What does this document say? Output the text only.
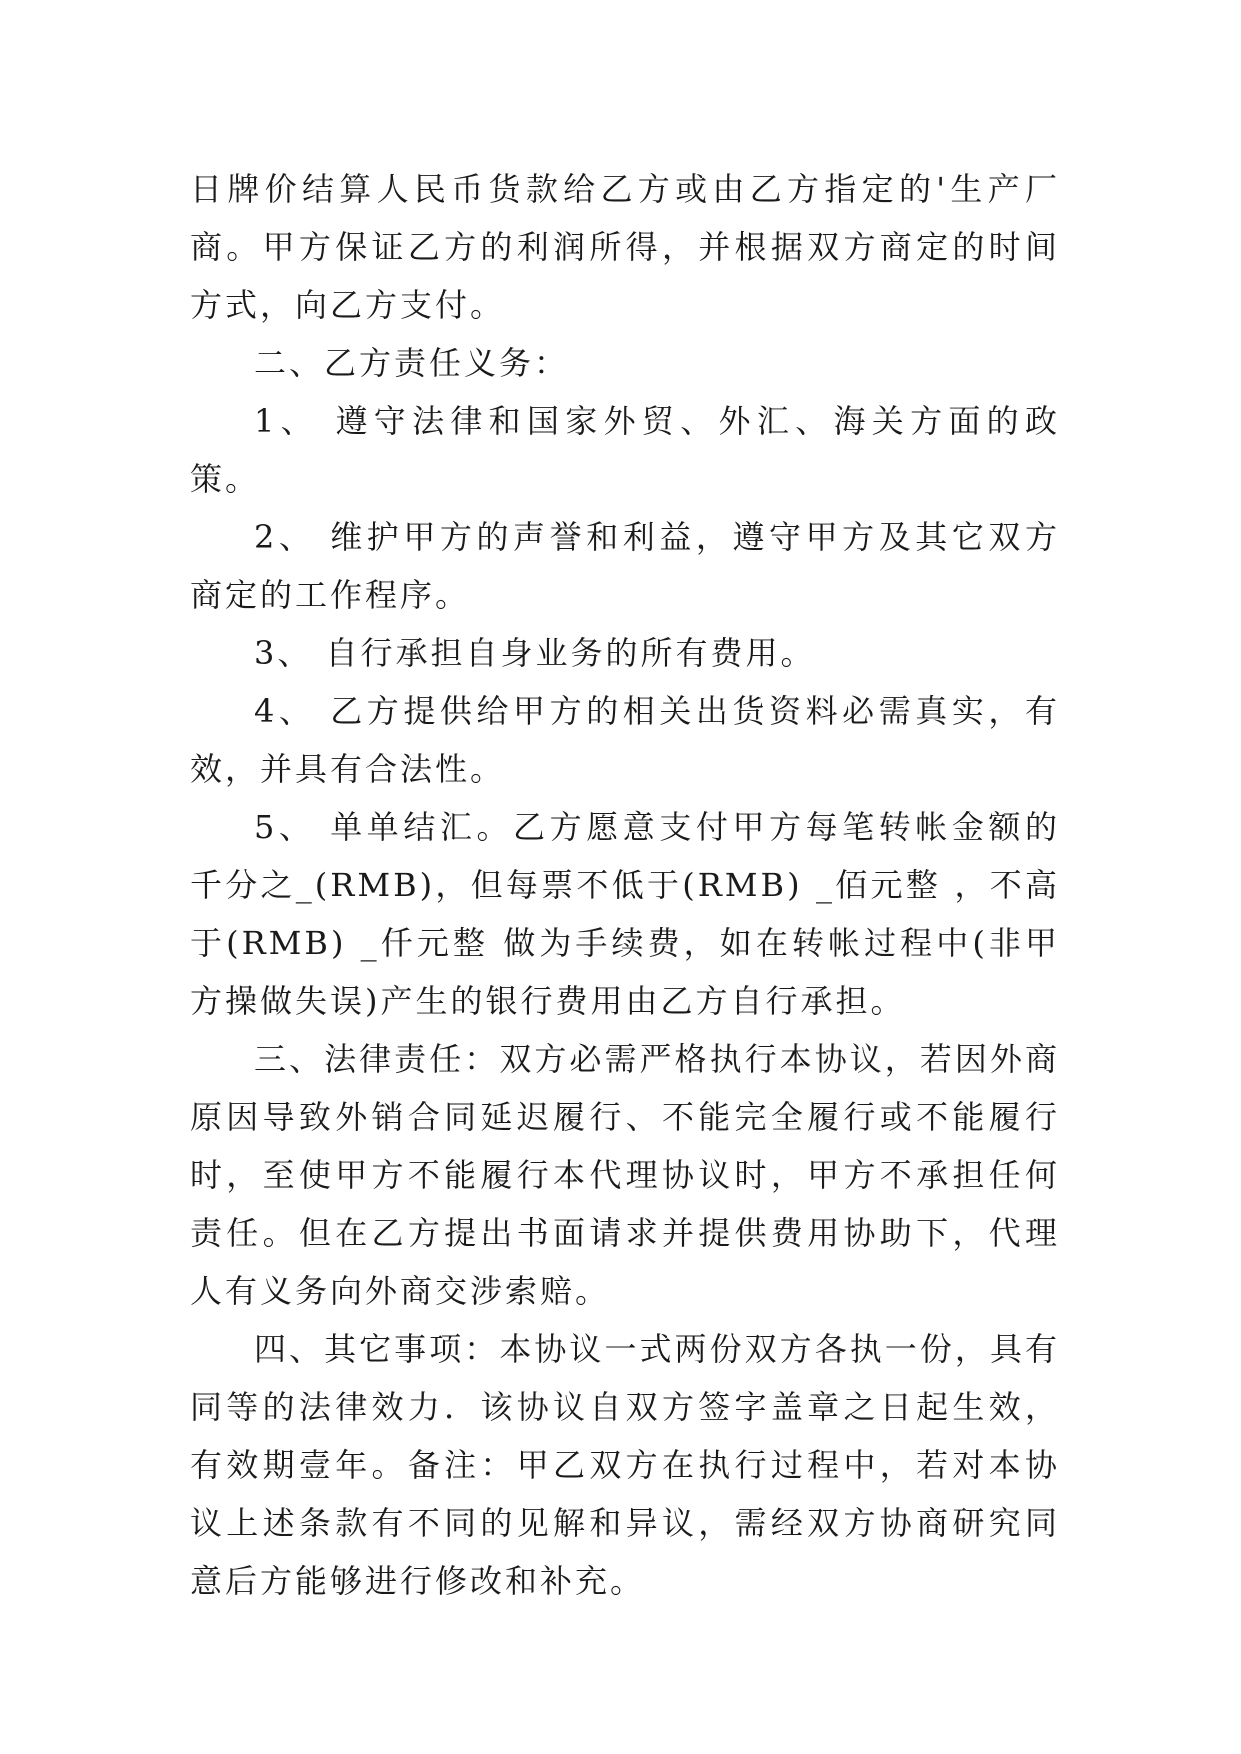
日牌价结算人民币货款给乙方或由乙方指定的'生产厂商。甲方保证乙方的利润所得，并根据双方商定的时间方式，向乙方支付。

二、乙方责任义务：

1、 遵守法律和国家外贸、外汇、海关方面的政策。

2、 维护甲方的声誉和利益，遵守甲方及其它双方商定的工作程序。

3、 自行承担自身业务的所有费用。

4、 乙方提供给甲方的相关出货资料必需真实，有效，并具有合法性。

5、 单单结汇。乙方愿意支付甲方每笔转帐金额的 千分之_(RMB)，但每票不低于(RMB) _佰元整 ，不高于(RMB) _仟元整 做为手续费，如在转帐过程中(非甲方操做失误)产生的银行费用由乙方自行承担。

三、法律责任：双方必需严格执行本协议，若因外商原因导致外销合同延迟履行、不能完全履行或不能履行时，至使甲方不能履行本代理协议时，甲方不承担任何责任。但在乙方提出书面请求并提供费用协助下，代理人有义务向外商交涉索赔。

四、其它事项：本协议一式两份双方各执一份，具有同等的法律效力．该协议自双方签字盖章之日起生效，有效期壹年。备注：甲乙双方在执行过程中，若对本协议上述条款有不同的见解和异议，需经双方协商研究同意后方能够进行修改和补充。
